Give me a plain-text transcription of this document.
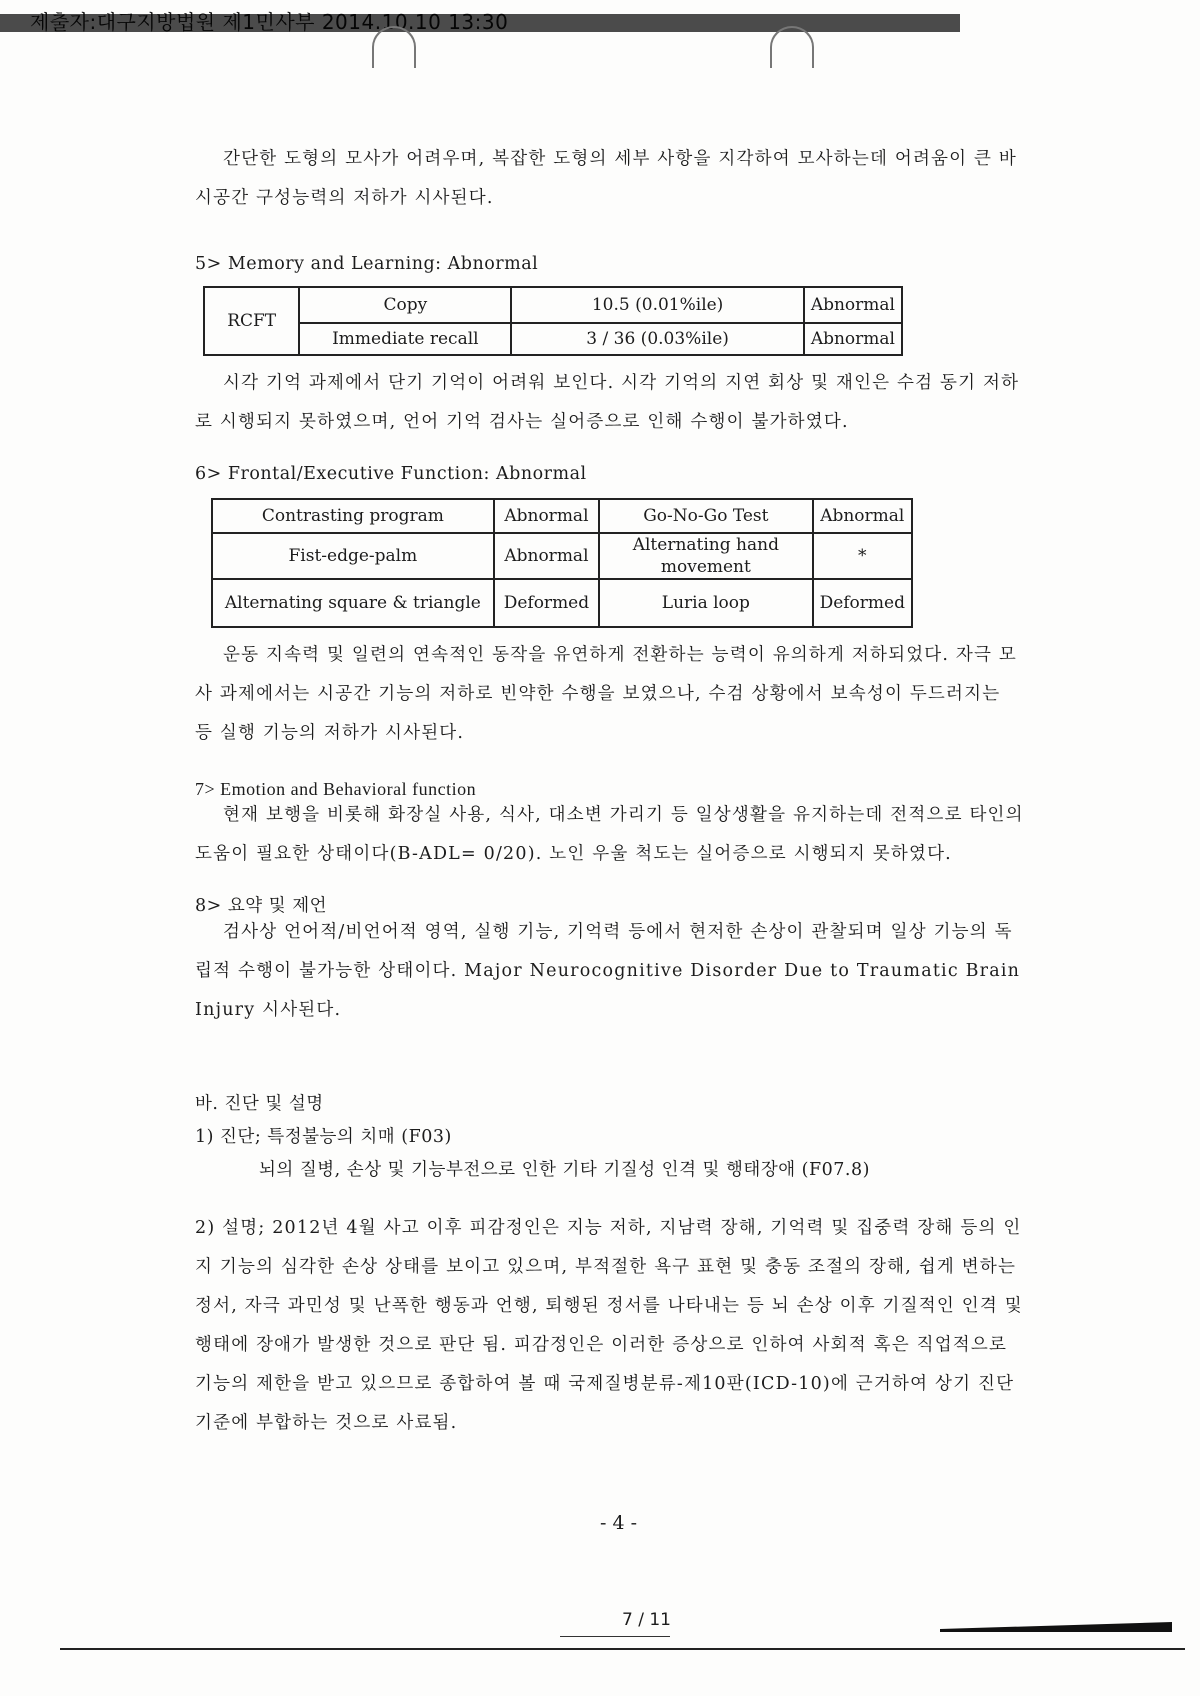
제출자:대구지방법원 제1민사부 2014.10.10 13:30

간단한 도형의 모사가 어려우며, 복잡한 도형의 세부 사항을 지각하여 모사하는데 어려움이 큰 바 시공간 구성능력의 저하가 시사된다.

5> Memory and Learning: Abnormal

RCFT	Copy	10.5 (0.01%ile)	Abnormal
	Immediate recall	3 / 36 (0.03%ile)	Abnormal

시각 기억 과제에서 단기 기억이 어려워 보인다. 시각 기억의 지연 회상 및 재인은 수검 동기 저하로 시행되지 못하였으며, 언어 기억 검사는 실어증으로 인해 수행이 불가하였다.

6> Frontal/Executive Function: Abnormal

Contrasting program	Abnormal	Go-No-Go Test	Abnormal
Fist-edge-palm	Abnormal	Alternating hand movement	*
Alternating square & triangle	Deformed	Luria loop	Deformed

운동 지속력 및 일련의 연속적인 동작을 유연하게 전환하는 능력이 유의하게 저하되었다. 자극 모사 과제에서는 시공간 기능의 저하로 빈약한 수행을 보였으나, 수검 상황에서 보속성이 두드러지는 등 실행 기능의 저하가 시사된다.

7> Emotion and Behavioral function

현재 보행을 비롯해 화장실 사용, 식사, 대소변 가리기 등 일상생활을 유지하는데 전적으로 타인의 도움이 필요한 상태이다(B-ADL= 0/20). 노인 우울 척도는 실어증으로 시행되지 못하였다.

8> 요약 및 제언

검사상 언어적/비언어적 영역, 실행 기능, 기억력 등에서 현저한 손상이 관찰되며 일상 기능의 독립적 수행이 불가능한 상태이다. Major Neurocognitive Disorder Due to Traumatic Brain Injury 시사된다.

바. 진단 및 설명

1) 진단; 특정불능의 치매 (F03)

뇌의 질병, 손상 및 기능부전으로 인한 기타 기질성 인격 및 행태장애 (F07.8)

2) 설명; 2012년 4월 사고 이후 피감정인은 지능 저하, 지남력 장해, 기억력 및 집중력 장해 등의 인지 기능의 심각한 손상 상태를 보이고 있으며, 부적절한 욕구 표현 및 충동 조절의 장해, 쉽게 변하는 정서, 자극 과민성 및 난폭한 행동과 언행, 퇴행된 정서를 나타내는 등 뇌 손상 이후 기질적인 인격 및 행태에 장애가 발생한 것으로 판단 됨. 피감정인은 이러한 증상으로 인하여 사회적 혹은 직업적으로 기능의 제한을 받고 있으므로 종합하여 볼 때 국제질병분류-제10판(ICD-10)에 근거하여 상기 진단 기준에 부합하는 것으로 사료됨.

- 4 -
7 / 11
